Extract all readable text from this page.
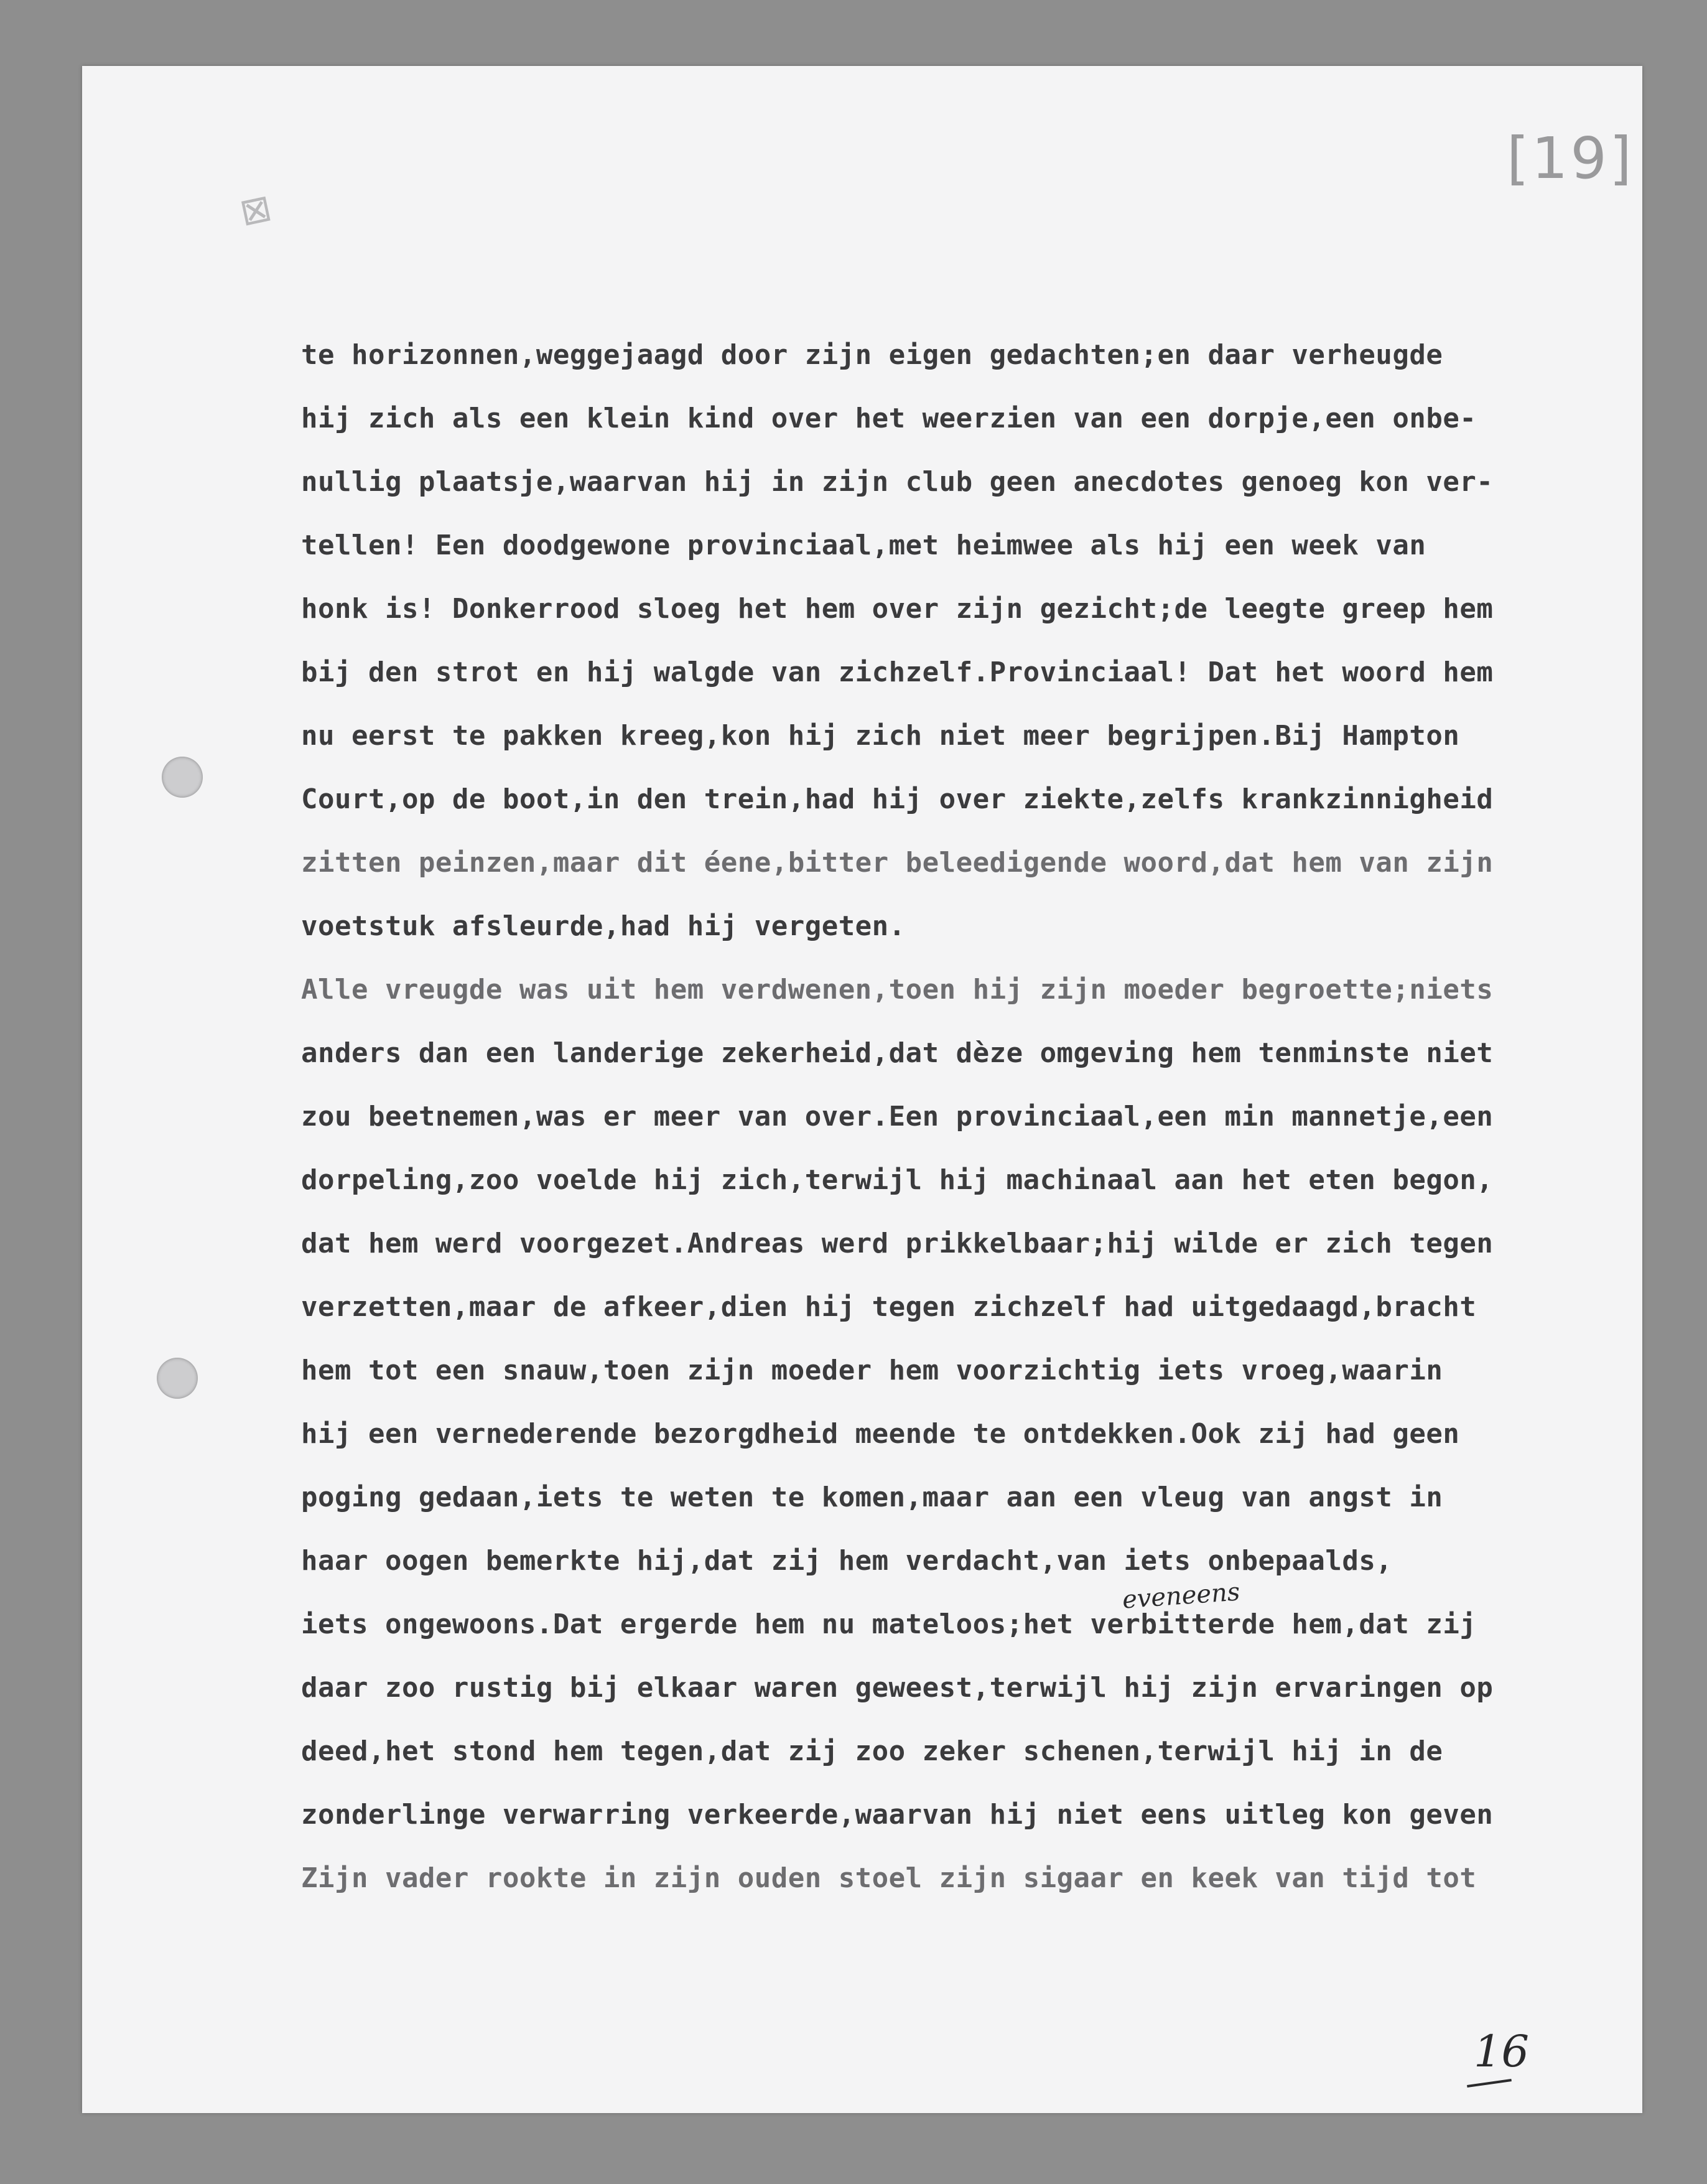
⊠
[19]
te horizonnen,weggejaagd door zijn eigen gedachten;en daar verheugde
hij zich als een klein kind over het weerzien van een dorpje,een onbe-
nullig plaatsje,waarvan hij in zijn club geen anecdotes genoeg kon ver-
tellen! Een doodgewone provinciaal,met heimwee als hij een week van
honk is! Donkerrood sloeg het hem over zijn gezicht;de leegte greep hem
bij den strot en hij walgde van zichzelf.Provinciaal! Dat het woord hem
nu eerst te pakken kreeg,kon hij zich niet meer begrijpen.Bij Hampton
Court,op de boot,in den trein,had hij over ziekte,zelfs krankzinnigheid
zitten peinzen,maar dit éene,bitter beleedigende woord,dat hem van zijn
voetstuk afsleurde,had hij vergeten.
Alle vreugde was uit hem verdwenen,toen hij zijn moeder begroette;niets
anders dan een landerige zekerheid,dat dèze omgeving hem tenminste niet
zou beetnemen,was er meer van over.Een provinciaal,een min mannetje,een
dorpeling,zoo voelde hij zich,terwijl hij machinaal aan het eten begon,
dat hem werd voorgezet.Andreas werd prikkelbaar;hij wilde er zich tegen
verzetten,maar de afkeer,dien hij tegen zichzelf had uitgedaagd,bracht
hem tot een snauw,toen zijn moeder hem voorzichtig iets vroeg,waarin
hij een vernederende bezorgdheid meende te ontdekken.Ook zij had geen
poging gedaan,iets te weten te komen,maar aan een vleug van angst in
haar oogen bemerkte hij,dat zij hem verdacht,van iets onbepaalds,
iets ongewoons.Dat ergerde hem nu mateloos;het verbitterde hem,dat zij
daar zoo rustig bij elkaar waren geweest,terwijl hij zijn ervaringen op
deed,het stond hem tegen,dat zij zoo zeker schenen,terwijl hij in de
zonderlinge verwarring verkeerde,waarvan hij niet eens uitleg kon geven
Zijn vader rookte in zijn ouden stoel zijn sigaar en keek van tijd tot
eveneens
16
